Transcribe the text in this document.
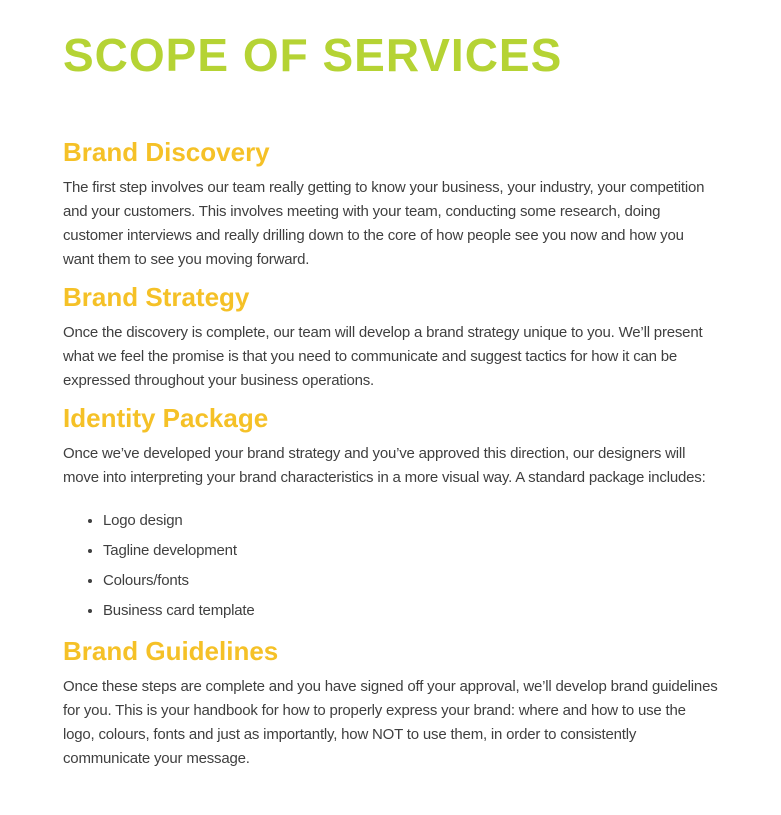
SCOPE OF SERVICES
Brand Discovery

The first step involves our team really getting to know your business, your industry, your competition and your customers. This involves meeting with your team, conducting some research, doing customer interviews and really drilling down to the core of how people see you now and how you want them to see you moving forward.

Brand Strategy

Once the discovery is complete, our team will develop a brand strategy unique to you. We’ll present what we feel the promise is that you need to communicate and suggest tactics for how it can be expressed throughout your business operations.

Identity Package

Once we’ve developed your brand strategy and you’ve approved this direction, our designers will move into interpreting your brand characteristics in a more visual way. A standard package includes:

• Logo design
• Tagline development
• Colours/fonts
• Business card template
Brand Guidelines

Once these steps are complete and you have signed off your approval, we’ll develop brand guidelines for you. This is your handbook for how to properly express your brand: where and how to use the logo, colours, fonts and just as importantly, how NOT to use them, in order to consistently communicate your message.
